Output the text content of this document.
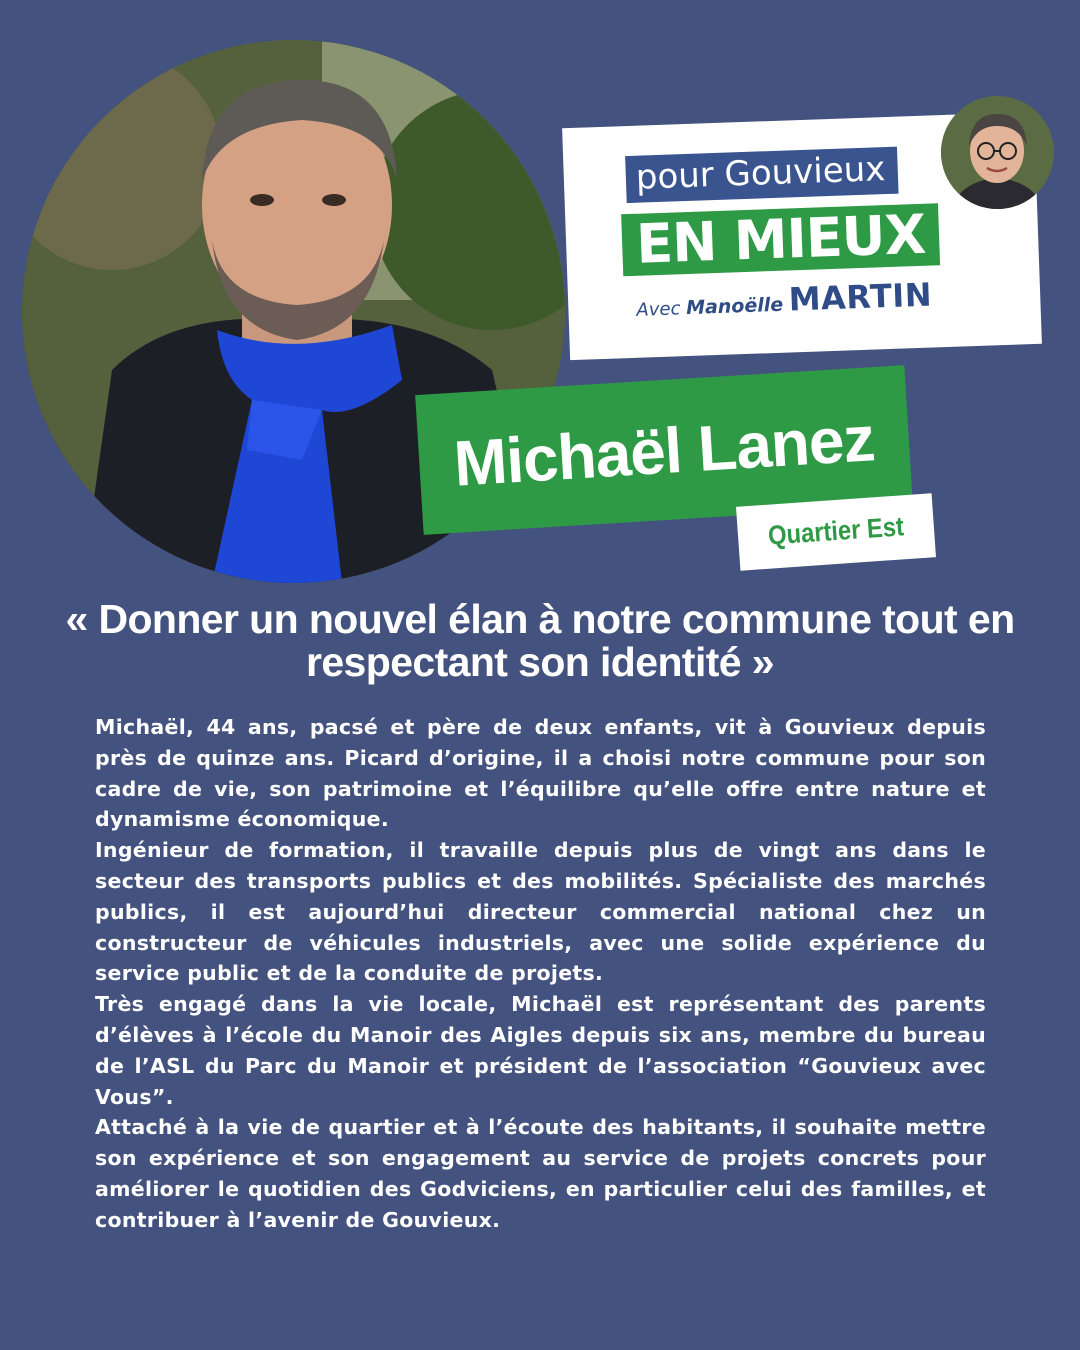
pour Gouvieux
EN MIEUX
Avec Manoëlle MARTIN
Michaël Lanez
Quartier Est
« Donner un nouvel élan à notre commune tout en respectant son identité »

Michaël, 44 ans, pacsé et père de deux enfants, vit à Gouvieux depuis près de quinze ans. Picard d’origine, il a choisi notre commune pour son cadre de vie, son patrimoine et l’équilibre qu’elle offre entre nature et dynamisme économique.

Ingénieur de formation, il travaille depuis plus de vingt ans dans le secteur des transports publics et des mobilités. Spécialiste des marchés publics, il est aujourd’hui directeur commercial national chez un constructeur de véhicules industriels, avec une solide expérience du service public et de la conduite de projets.

Très engagé dans la vie locale, Michaël est représentant des parents d’élèves à l’école du Manoir des Aigles depuis six ans, membre du bureau de l’ASL du Parc du Manoir et président de l’association “Gouvieux avec Vous”.

Attaché à la vie de quartier et à l’écoute des habitants, il souhaite mettre son expérience et son engagement au service de projets concrets pour améliorer le quotidien des Godviciens, en particulier celui des familles, et contribuer à l’avenir de Gouvieux.
